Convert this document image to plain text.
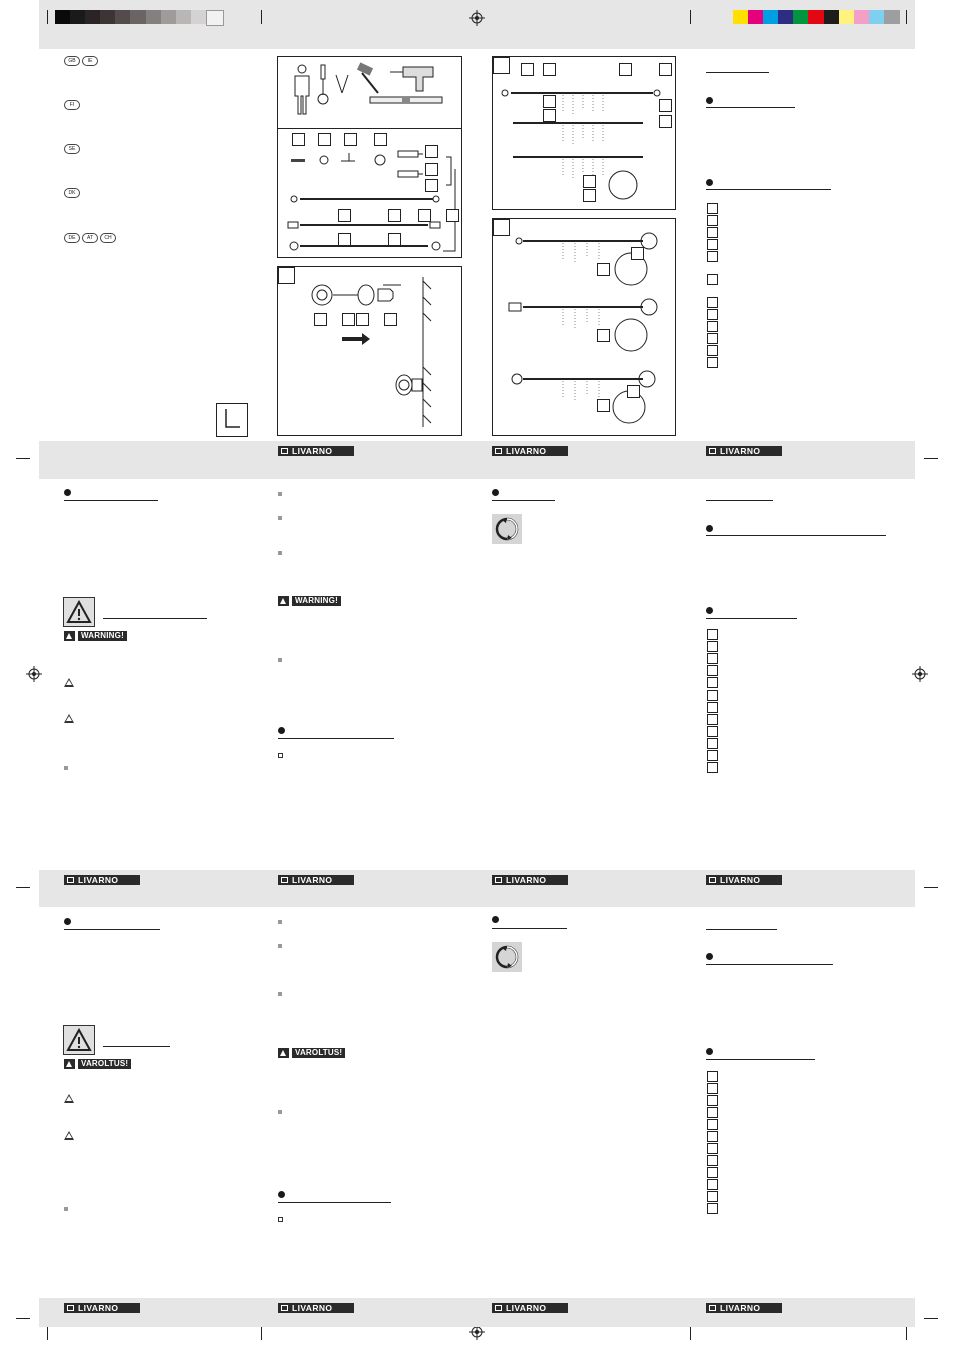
GB	IE
FI
SE
DK
DE	AT	CH
LIVARNO	LIVARNO	LIVARNO
WARNING!
WARNING!
LIVARNO	LIVARNO	LIVARNO	LIVARNO
VAROLTUS!
VAROLTUS!
LIVARNO	LIVARNO	LIVARNO	LIVARNO
